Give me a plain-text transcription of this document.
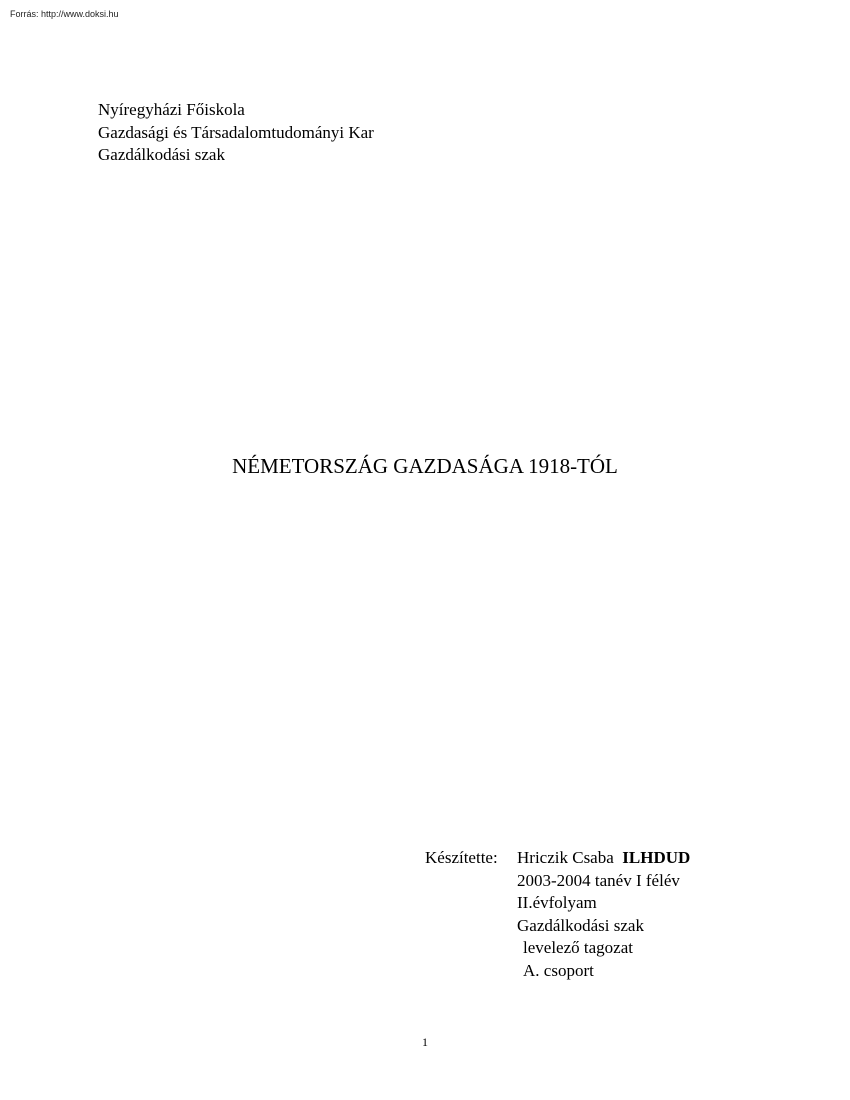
Forrás: http://www.doksi.hu
Nyíregyházi Főiskola
Gazdasági és Társadalomtudományi Kar
Gazdálkodási szak
NÉMETORSZÁG GAZDASÁGA 1918-TÓL
Készítette: Hriczik Csaba ILHDUD
2003-2004 tanév I félév
II.évfolyam
Gazdálkodási szak
levelező tagozat
A. csoport
1
